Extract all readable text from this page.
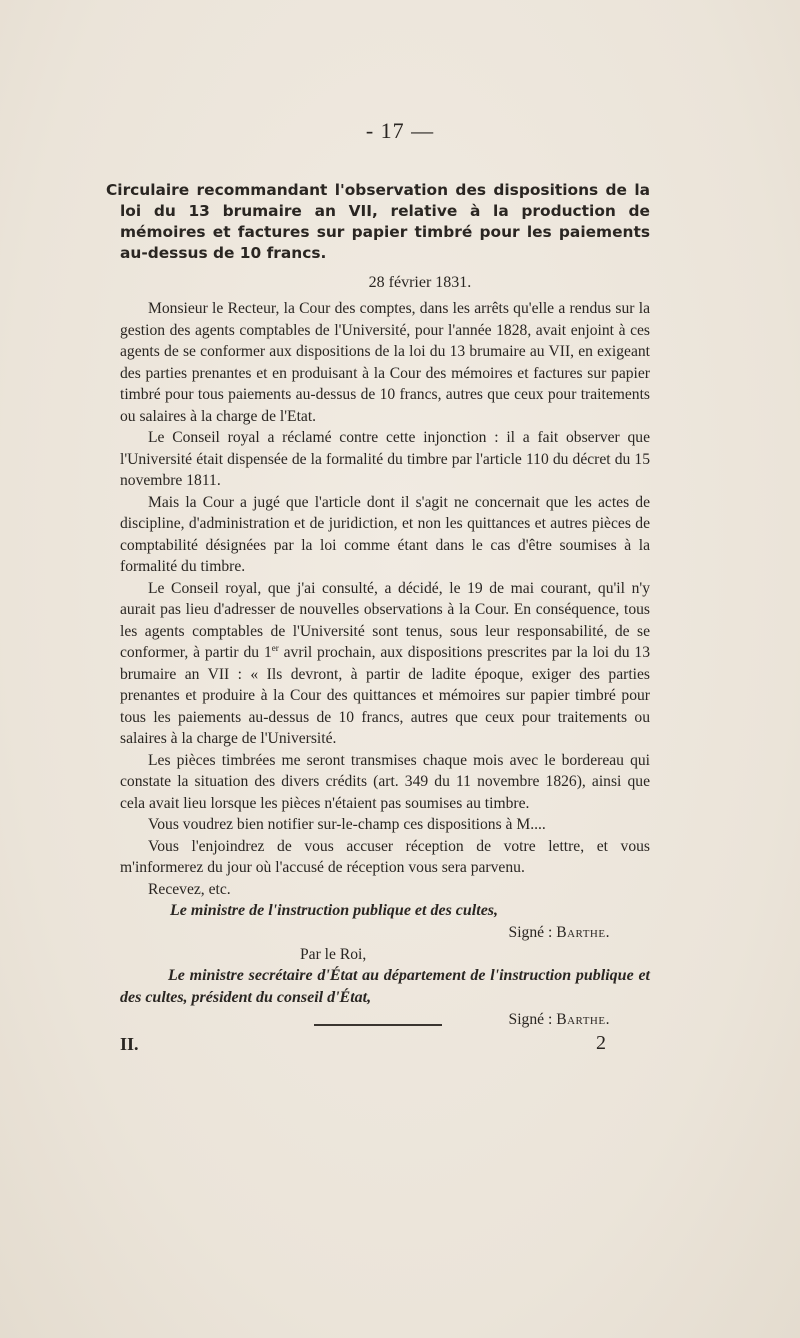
- 17 —
Circulaire recommandant l'observation des dispositions de la loi du 13 brumaire an VII, relative à la production de mémoires et factures sur papier timbré pour les paiements au-dessus de 10 francs.
28 février 1831.

Monsieur le Recteur, la Cour des comptes, dans les arrêts qu'elle a rendus sur la gestion des agents comptables de l'Université, pour l'année 1828, avait enjoint à ces agents de se conformer aux dispositions de la loi du 13 brumaire au VII, en exigeant des parties prenantes et en produisant à la Cour des mémoires et factures sur papier timbré pour tous paiements au-dessus de 10 francs, autres que ceux pour traitements ou salaires à la charge de l'Etat.

Le Conseil royal a réclamé contre cette injonction : il a fait observer que l'Université était dispensée de la formalité du timbre par l'article 110 du décret du 15 novembre 1811.

Mais la Cour a jugé que l'article dont il s'agit ne concernait que les actes de discipline, d'administration et de juridiction, et non les quittances et autres pièces de comptabilité désignées par la loi comme étant dans le cas d'être soumises à la formalité du timbre.

Le Conseil royal, que j'ai consulté, a décidé, le 19 de mai courant, qu'il n'y aurait pas lieu d'adresser de nouvelles observations à la Cour. En conséquence, tous les agents comptables de l'Université sont tenus, sous leur responsabilité, de se conformer, à partir du 1er avril prochain, aux dispositions prescrites par la loi du 13 brumaire an VII : « Ils devront, à partir de ladite époque, exiger des parties prenantes et produire à la Cour des quittances et mémoires sur papier timbré pour tous les paiements au-dessus de 10 francs, autres que ceux pour traitements ou salaires à la charge de l'Université.

Les pièces timbrées me seront transmises chaque mois avec le bordereau qui constate la situation des divers crédits (art. 349 du 11 novembre 1826), ainsi que cela avait lieu lorsque les pièces n'étaient pas soumises au timbre.

Vous voudrez bien notifier sur-le-champ ces dispositions à M....

Vous l'enjoindrez de vous accuser réception de votre lettre, et vous m'informerez du jour où l'accusé de réception vous sera parvenu.

Recevez, etc.

Le ministre de l'instruction publique et des cultes,

Signé : Barthe.

Par le Roi,

Le ministre secrétaire d'État au département de l'instruction publique et des cultes, président du conseil d'État,

Signé : Barthe.

II.	2
